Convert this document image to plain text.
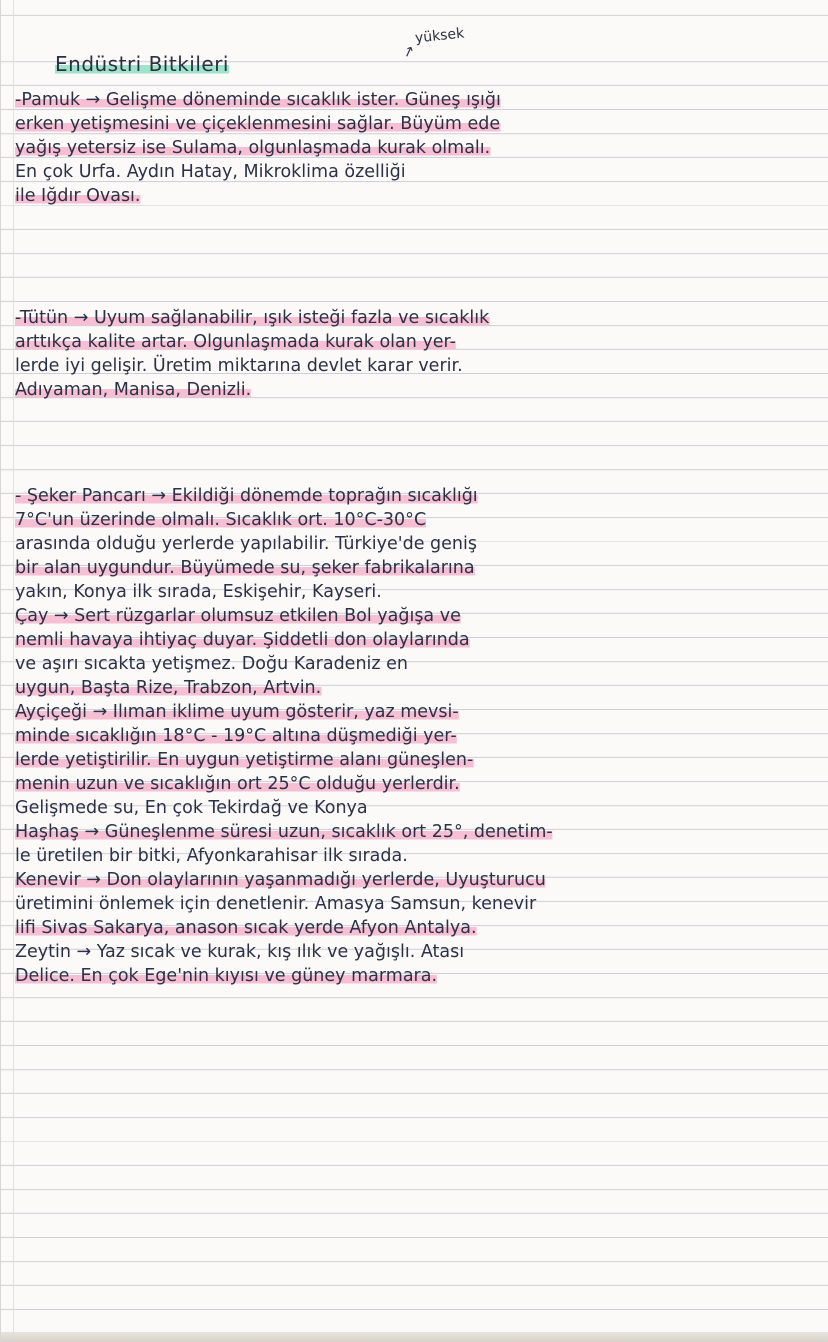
↗
yüksek
Endüstri Bitkileri

-Pamuk → Gelişme döneminde sıcaklık ister. Güneş ışığı

erken yetişmesini ve çiçeklenmesini sağlar. Büyüm ede

yağış yetersiz ise Sulama, olgunlaşmada kurak olmalı.

En çok Urfa. Aydın Hatay, Mikroklima özelliği

ile Iğdır Ovası.

-Tütün → Uyum sağlanabilir, ışık isteği fazla ve sıcaklık

arttıkça kalite artar. Olgunlaşmada kurak olan yer-

lerde iyi gelişir. Üretim miktarına devlet karar verir.

Adıyaman, Manisa, Denizli.

- Şeker Pancarı → Ekildiği dönemde toprağın sıcaklığı

7°C'un üzerinde olmalı. Sıcaklık ort. 10°C-30°C

arasında olduğu yerlerde yapılabilir. Türkiye'de geniş

bir alan uygundur. Büyümede su, şeker fabrikalarına

yakın, Konya ilk sırada, Eskişehir, Kayseri.

Çay → Sert rüzgarlar olumsuz etkilen Bol yağışa ve

nemli havaya ihtiyaç duyar. Şiddetli don olaylarında

ve aşırı sıcakta yetişmez. Doğu Karadeniz en

uygun, Başta Rize, Trabzon, Artvin.

Ayçiçeği → Ilıman iklime uyum gösterir, yaz mevsi-

minde sıcaklığın 18°C - 19°C altına düşmediği yer-

lerde yetiştirilir. En uygun yetiştirme alanı güneşlen-

menin uzun ve sıcaklığın ort 25°C olduğu yerlerdir.

Gelişmede su, En çok Tekirdağ ve Konya

Haşhaş → Güneşlenme süresi uzun, sıcaklık ort 25°, denetim-

le üretilen bir bitki, Afyonkarahisar ilk sırada.

Kenevir → Don olaylarının yaşanmadığı yerlerde, Uyuşturucu

üretimini önlemek için denetlenir. Amasya Samsun, kenevir

lifi Sivas Sakarya, anason sıcak yerde Afyon Antalya.

Zeytin → Yaz sıcak ve kurak, kış ılık ve yağışlı. Atası

Delice. En çok Ege'nin kıyısı ve güney marmara.
